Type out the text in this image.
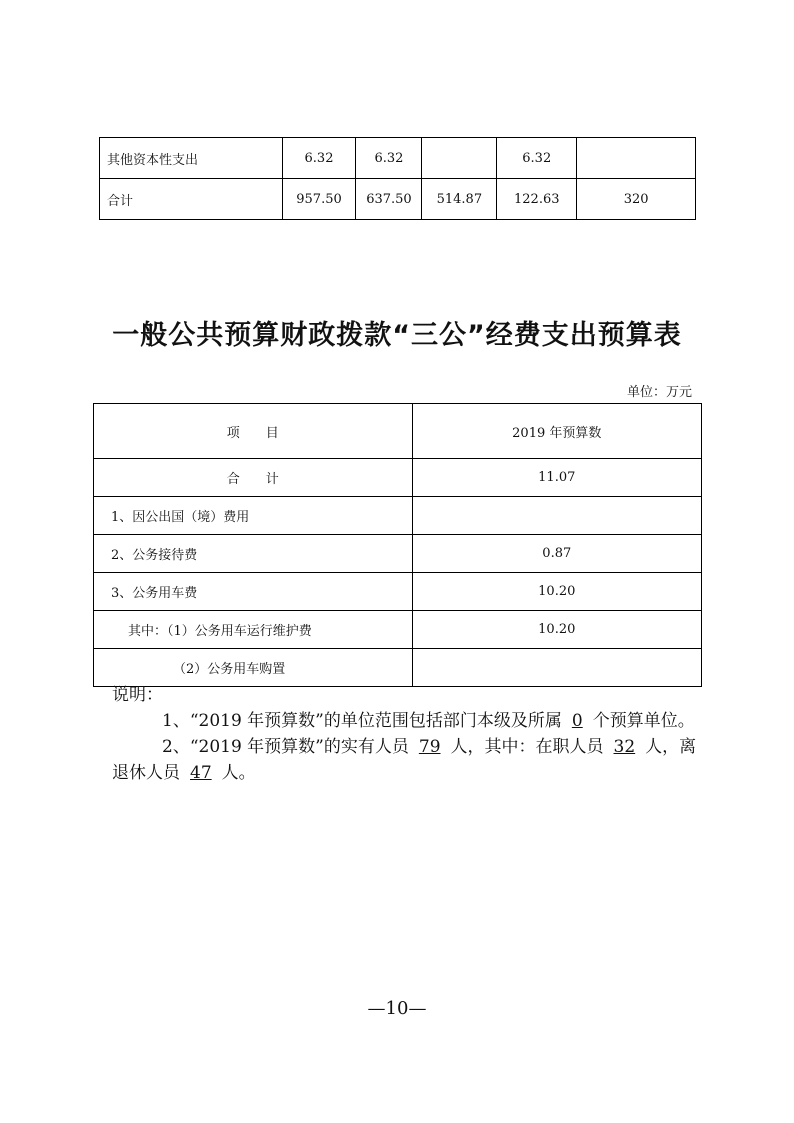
其他资本性支出	6.32	6.32		6.32	
合计	957.50	637.50	514.87	122.63	320
一般公共预算财政拨款“三公”经费支出预算表
单位：万元
项　　目	2019 年预算数
合　　计	11.07
1、因公出国（境）费用	
2、公务接待费	0.87
3、公务用车费	10.20
其中：（1）公务用车运行维护费	10.20
（2）公务用车购置	

说明：

1、“2019 年预算数”的单位范围包括部门本级及所属 0 个预算单位。

2、“2019 年预算数”的实有人员 79 人，其中：在职人员 32 人，离退休人员 47 人。

—10—
